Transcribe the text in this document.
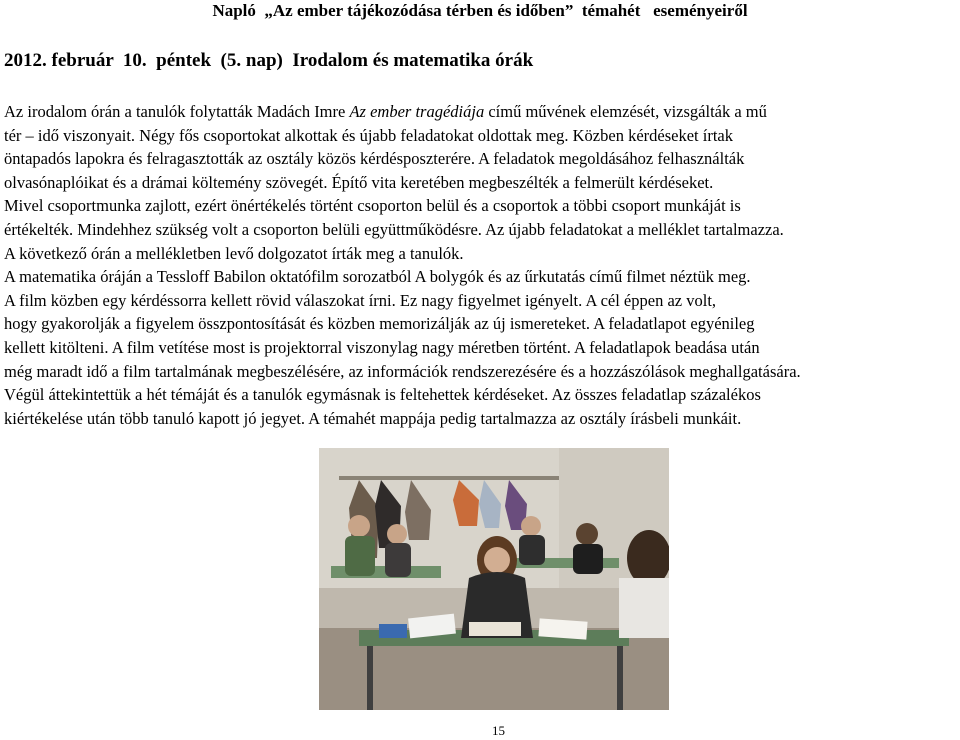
Napló  „Az ember tájékozódása térben és időben”  témahét   eseményeiről
2012. február  10.  péntek  (5. nap)  Irodalom és matematika órák

Az irodalom órán a tanulók folytatták Madách Imre Az ember tragédiája című művének elemzését, vizsgálták a mű

tér – idő viszonyait. Négy fős csoportokat alkottak és újabb feladatokat oldottak meg. Közben kérdéseket írtak

öntapadós lapokra és felragasztották az osztály közös kérdésposzterére. A feladatok megoldásához felhasználták

olvasónaplóikat és a drámai költemény szövegét. Építő vita keretében megbeszélték a felmerült kérdéseket.

Mivel csoportmunka zajlott, ezért önértékelés történt csoporton belül és a csoportok a többi csoport munkáját is

értékelték. Mindehhez szükség volt a csoporton belüli együttműködésre. Az újabb feladatokat a melléklet tartalmazza.

A következő órán a mellékletben levő dolgozatot írták meg a tanulók.

A matematika óráján a Tessloff Babilon oktatófilm sorozatból A bolygók és az űrkutatás című filmet néztük meg.

A film közben egy kérdéssorra kellett rövid válaszokat írni. Ez nagy figyelmet igényelt. A cél éppen az volt,

hogy gyakorolják a figyelem összpontosítását és közben memorizálják az új ismereteket. A feladatlapot egyénileg

kellett kitölteni. A film vetítése most is projektorral viszonylag nagy méretben történt. A feladatlapok beadása után

még maradt idő a film tartalmának megbeszélésére, az információk rendszerezésére és a hozzászólások meghallgatására.

Végül áttekintettük a hét témáját és a tanulók egymásnak is feltehettek kérdéseket. Az összes feladatlap százalékos

kiértékelése után több tanuló kapott jó jegyet. A témahét mappája pedig tartalmazza az osztály írásbeli munkáit.

15
